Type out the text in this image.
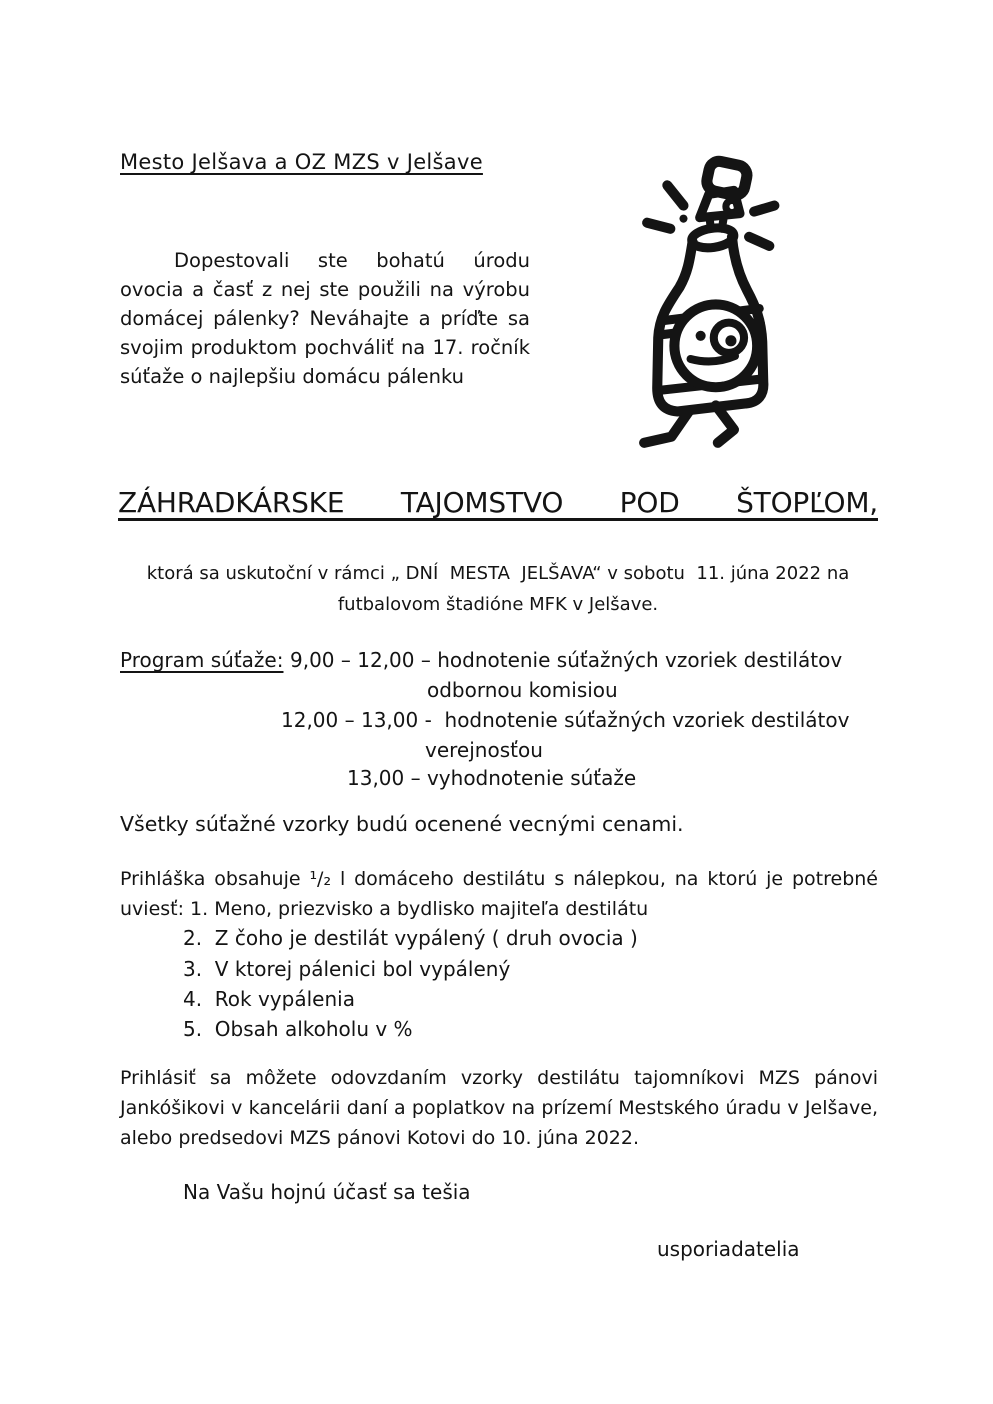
Mesto Jelšava a OZ MZS v Jelšave
Dopestovali ste bohatú úrodu ovocia a časť z nej ste použili na výrobu domácej pálenky? Neváhajte a príďte sa svojim produktom pochváliť na 17. ročník súťaže o najlepšiu domácu pálenku
ZÁHRADKÁRSKE TAJOMSTVO POD ŠTOPĽOM,
ktorá sa uskutoční v rámci „ DNÍ  MESTA  JELŠAVA“ v sobotu  11. júna 2022 na
futbalovom štadióne MFK v Jelšave.
Program súťaže: 9,00 – 12,00 – hodnotenie súťažných vzoriek destilátov
odbornou komisiou
12,00 – 13,00 -  hodnotenie súťažných vzoriek destilátov
verejnosťou
13,00 – vyhodnotenie súťaže
Všetky súťažné vzorky budú ocenené vecnými cenami.
Prihláška obsahuje ¹/₂ l domáceho destilátu s nálepkou, na ktorú je potrebné uviesť: 1. Meno, priezvisko a bydlisko majiteľa destilátu
2.  Z čoho je destilát vypálený ( druh ovocia )
3.  V ktorej pálenici bol vypálený
4.  Rok vypálenia
5.  Obsah alkoholu v %
Prihlásiť sa môžete odovzdaním vzorky destilátu tajomníkovi MZS pánovi Jankóšikovi v kancelárii daní a poplatkov na prízemí Mestského úradu v Jelšave, alebo predsedovi MZS pánovi Kotovi do 10. júna 2022.
Na Vašu hojnú účasť sa tešia
usporiadatelia
